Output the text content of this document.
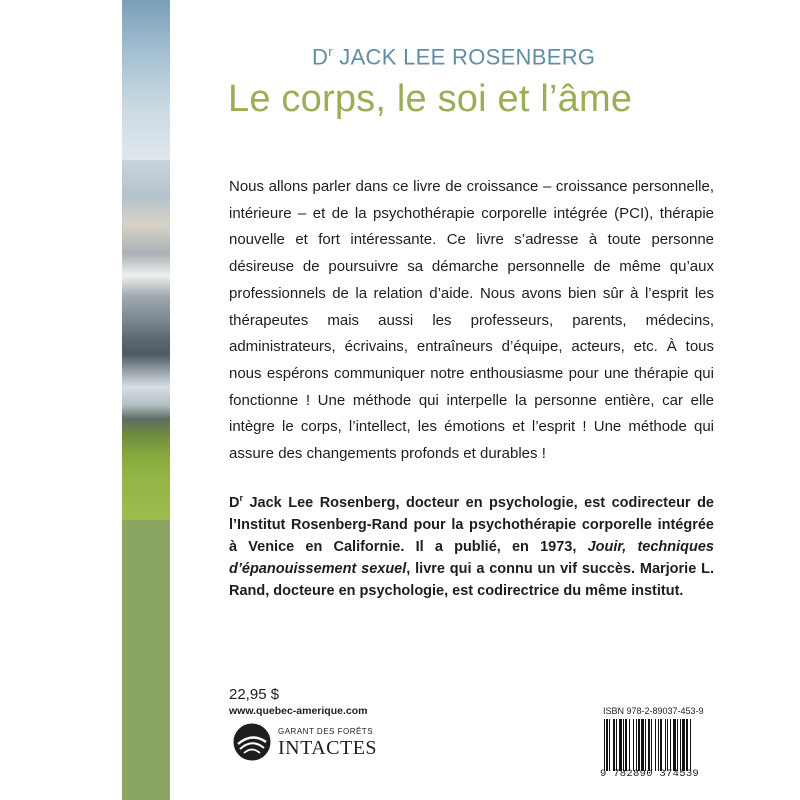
$D^r$ JACK LEE ROSENBERG
Le corps, le soi et l’âme
Nous allons parler dans ce livre de croissance – croissance personnelle, intérieure – et de la psychothérapie corporelle intégrée (PCI), thérapie nouvelle et fort intéressante. Ce livre s’adresse à toute personne désireuse de poursuivre sa démarche personnelle de même qu’aux professionnels de la relation d’aide. Nous avons bien sûr à l’esprit les thérapeutes mais aussi les professeurs, parents, médecins, administrateurs, écrivains, entraîneurs d’équipe, acteurs, etc. À tous nous espérons communiquer notre enthousiasme pour une thérapie qui fonctionne ! Une méthode qui interpelle la personne entière, car elle intègre le corps, l’intellect, les émotions et l’esprit ! Une méthode qui assure des changements profonds et durables !
$D^r$ Jack Lee Rosenberg, docteur en psychologie, est codirecteur de l’Institut Rosenberg-Rand pour la psychothérapie corporelle intégrée à Venice en Californie. Il a publié, en 1973, Jouir, techniques d’épanouissement sexuel, livre qui a connu un vif succès. Marjorie L. Rand, docteure en psychologie, est codirectrice du même institut.
22,95 $
www.quebec-amerique.com
GARANT DES FORÊTS
INTACTES
ISBN 978-2-89037-453-9
9 782890 374539
